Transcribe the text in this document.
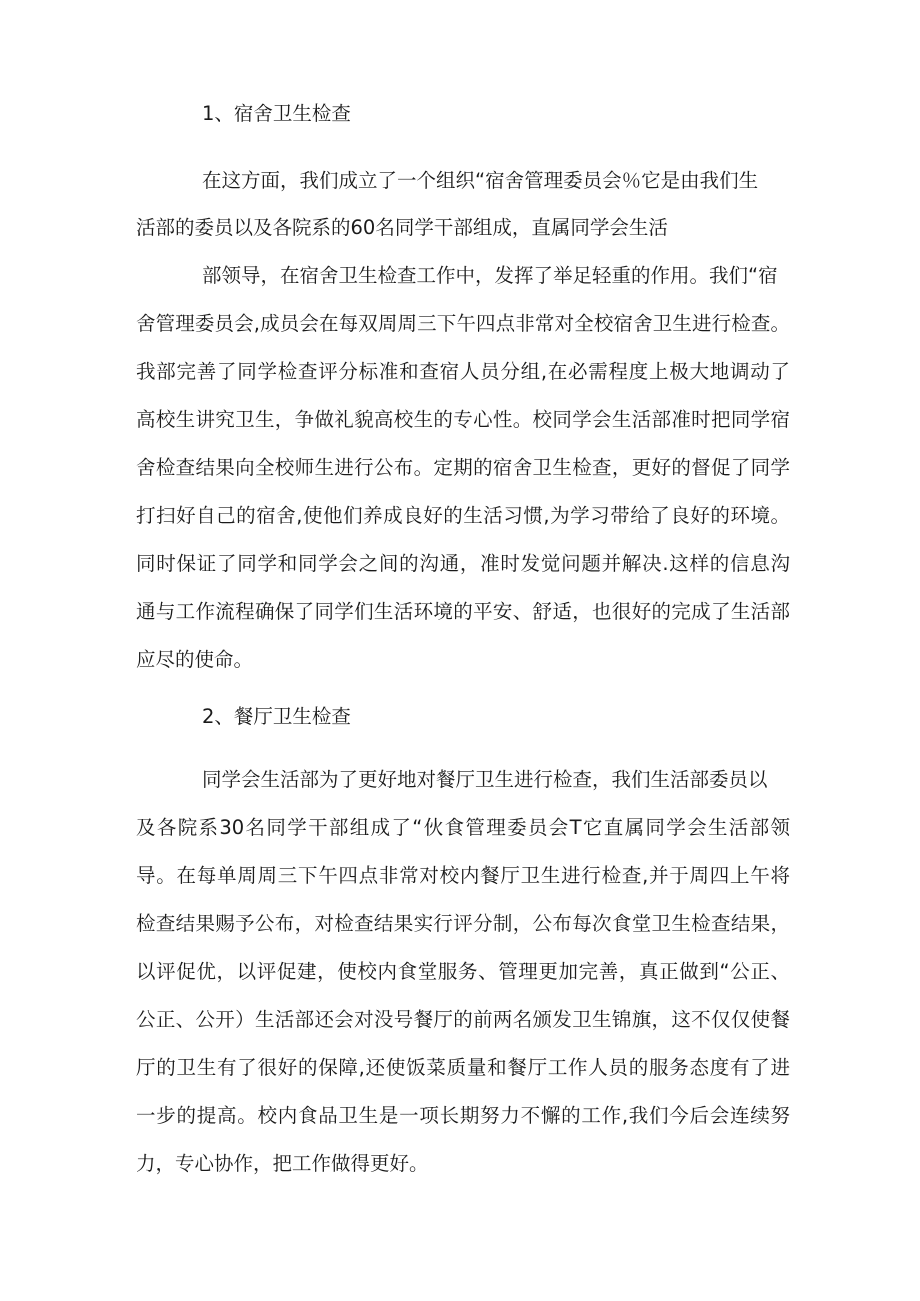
1、宿舍卫生检查

在这方面，我们成立了一个组织“宿舍管理委员会％它是由我们生

活部的委员以及各院系的60名同学干部组成，直属同学会生活

部领导，在宿舍卫生检查工作中，发挥了举足轻重的作用。我们“宿

舍管理委员会,成员会在每双周周三下午四点非常对全校宿舍卫生进行检查。

我部完善了同学检查评分标准和查宿人员分组,在必需程度上极大地调动了

高校生讲究卫生，争做礼貌高校生的专心性。校同学会生活部准时把同学宿

舍检查结果向全校师生进行公布。定期的宿舍卫生检查，更好的督促了同学

打扫好自己的宿舍,使他们养成良好的生活习惯,为学习带给了良好的环境。

同时保证了同学和同学会之间的沟通，准时发觉问题并解决.这样的信息沟

通与工作流程确保了同学们生活环境的平安、舒适，也很好的完成了生活部

应尽的使命。

2、餐厅卫生检查

同学会生活部为了更好地对餐厅卫生进行检查，我们生活部委员以

及各院系30名同学干部组成了“伙食管理委员会T它直属同学会生活部领

导。在每单周周三下午四点非常对校内餐厅卫生进行检查,并于周四上午将

检查结果赐予公布，对检查结果实行评分制，公布每次食堂卫生检查结果，

以评促优，以评促建，使校内食堂服务、管理更加完善，真正做到“公正、

公正、公开）生活部还会对没号餐厅的前两名颁发卫生锦旗，这不仅仅使餐

厅的卫生有了很好的保障,还使饭菜质量和餐厅工作人员的服务态度有了进

一步的提高。校内食品卫生是一项长期努力不懈的工作,我们今后会连续努

力，专心协作，把工作做得更好。
